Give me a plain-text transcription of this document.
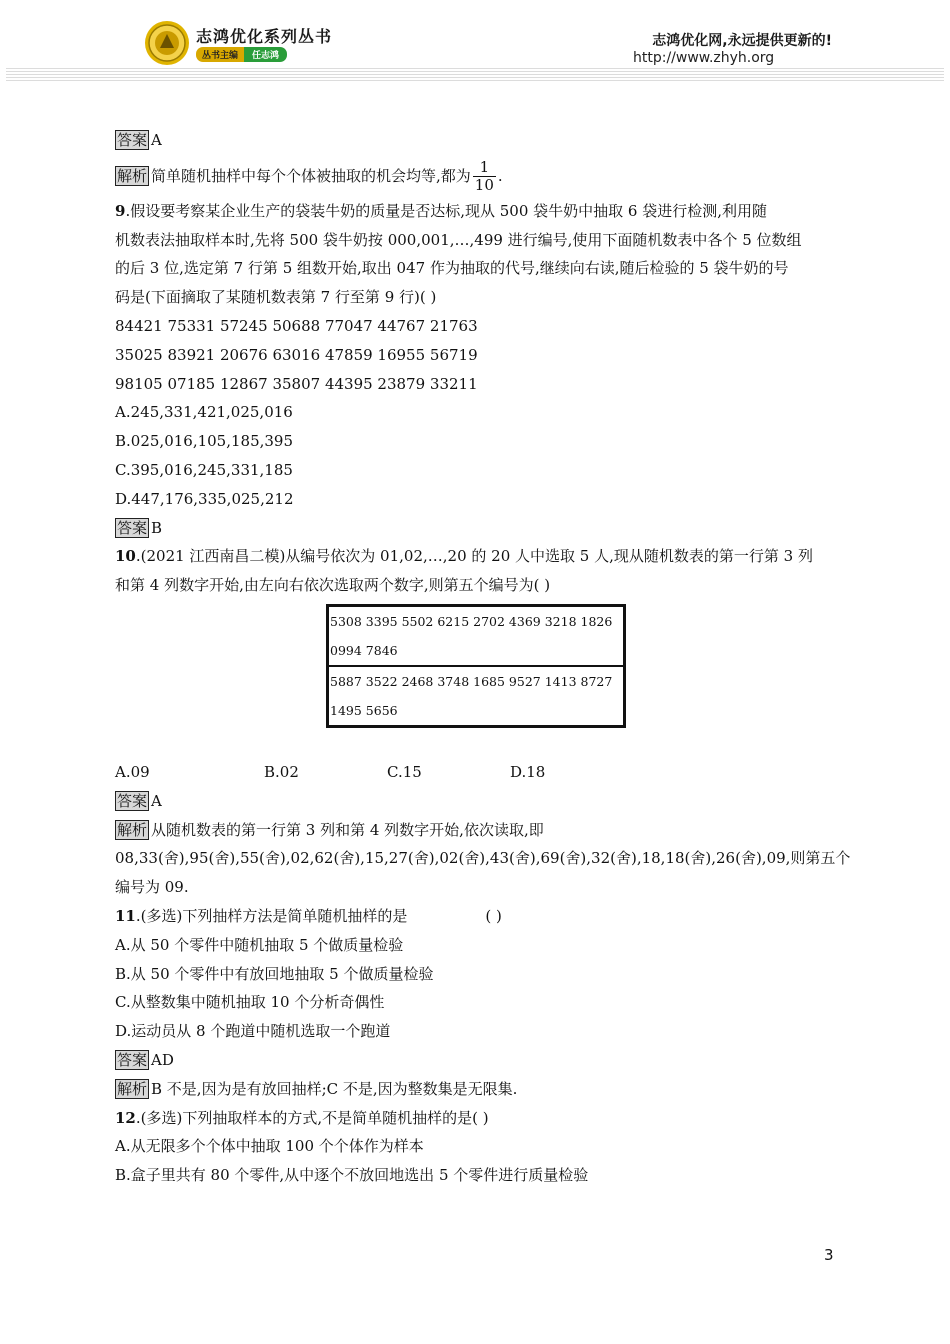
志鸿优化系列丛书
丛书主编	任志鸿
志鸿优化网,永远提供更新的!
http://www.zhyh.org
答案 A
解析 简单随机抽样中每个个体被抽取的机会均等,都为 $\frac{1}{10}$ .
9.假设要考察某企业生产的袋装牛奶的质量是否达标,现从 500 袋牛奶中抽取 6 袋进行检测,利用随
机数表法抽取样本时,先将 500 袋牛奶按 000,001,…,499 进行编号,使用下面随机数表中各个 5 位数组
的后 3 位,选定第 7 行第 5 组数开始,取出 047 作为抽取的代号,继续向右读,随后检验的 5 袋牛奶的号
码是(下面摘取了某随机数表第 7 行至第 9 行)( )
84421 75331 57245 50688 77047 44767 21763
35025 83921 20676 63016 47859 16955 56719
98105 07185 12867 35807 44395 23879 33211
A.245,331,421,025,016
B.025,016,105,185,395
C.395,016,245,331,185
D.447,176,335,025,212
答案 B
10.(2021 江西南昌二模)从编号依次为 01,02,…,20 的 20 人中选取 5 人,现从随机数表的第一行第 3 列
和第 4 列数字开始,由左向右依次选取两个数字,则第五个编号为( )
5308 3395 5502 6215 2702 4369 3218 1826 0994 7846
5887 3522 2468 3748 1685 9527 1413 8727 1495 5656
A.09	B.02	C.15	D.18
答案 A
解析 从随机数表的第一行第 3 列和第 4 列数字开始,依次读取,即
08,33(舍),95(舍),55(舍),02,62(舍),15,27(舍),02(舍),43(舍),69(舍),32(舍),18,18(舍),26(舍),09,则第五个
编号为 09.
11.(多选)下列抽样方法是简单随机抽样的是	( )
A.从 50 个零件中随机抽取 5 个做质量检验
B.从 50 个零件中有放回地抽取 5 个做质量检验
C.从整数集中随机抽取 10 个分析奇偶性
D.运动员从 8 个跑道中随机选取一个跑道
答案 AD
解析 B 不是,因为是有放回抽样;C 不是,因为整数集是无限集.
12.(多选)下列抽取样本的方式,不是简单随机抽样的是( )
A.从无限多个个体中抽取 100 个个体作为样本
B.盒子里共有 80 个零件,从中逐个不放回地选出 5 个零件进行质量检验
3
